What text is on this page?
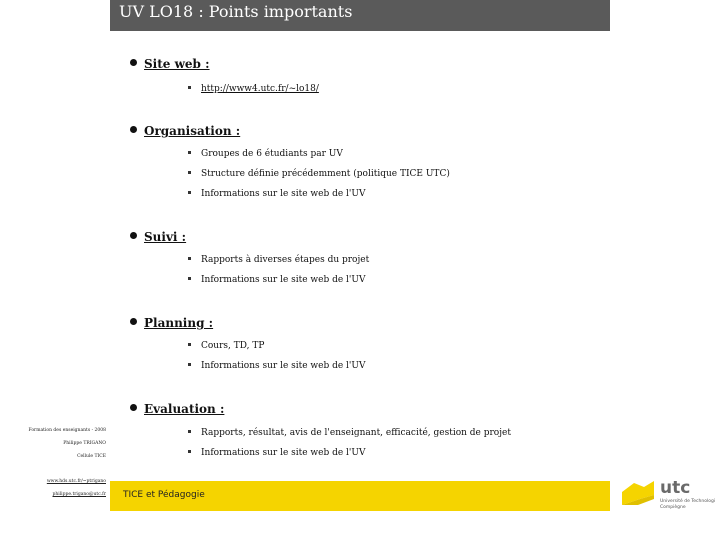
UV LO18 : Points importants
Site web :
http://www4.utc.fr/~lo18/
Organisation :
Groupes de 6 étudiants par UV
Structure définie précédemment (politique TICE UTC)
Informations sur le site web de l'UV
Suivi :
Rapports à diverses étapes du projet
Informations sur le site web de l'UV
Planning :
Cours, TD, TP
Informations sur le site web de l'UV
Evaluation :
Rapports, résultat, avis de l'enseignant, efficacité, gestion de projet
Informations sur le site web de l'UV
Formation des enseignants - 2008
Philippe TRIGANO
Cellule TICE
www.hds.utc.fr/~ptrigano
philippe.trigano@utc.fr TICE et Pédagogie	utc
Université de Technologie
Compiègne
